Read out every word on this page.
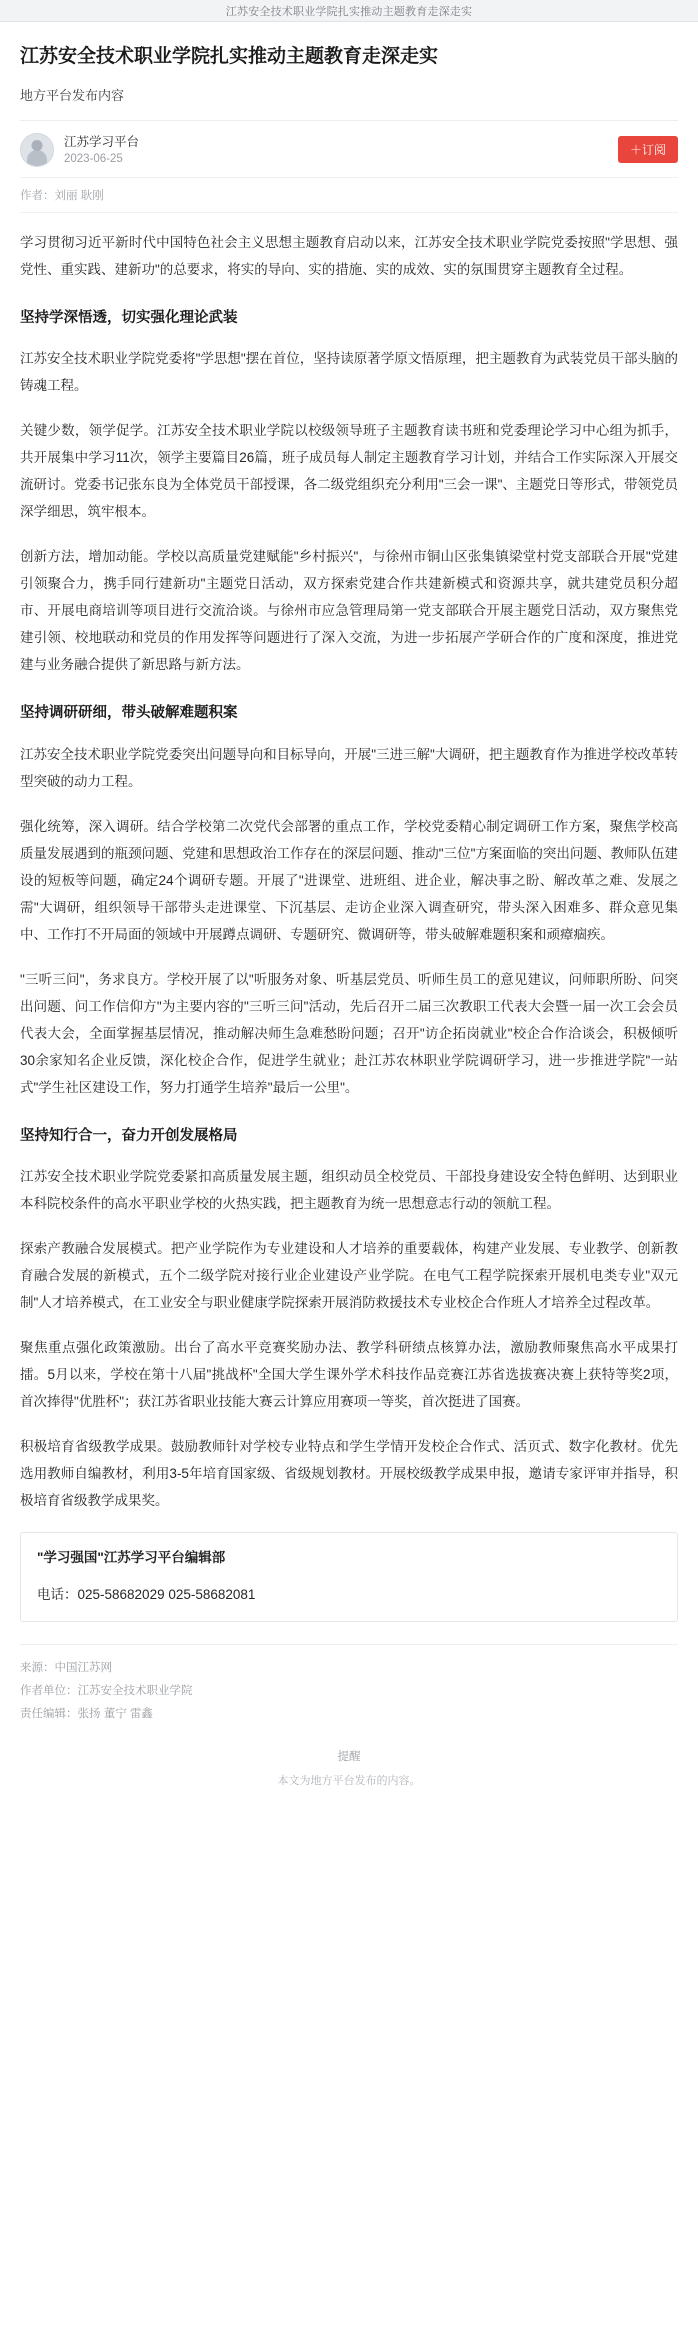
江苏安全技术职业学院扎实推动主题教育走深走实
江苏安全技术职业学院扎实推动主题教育走深走实
地方平台发布内容
江苏学习平台
2023-06-25
＋订阅
作者：刘丽 耿刚

学习贯彻习近平新时代中国特色社会主义思想主题教育启动以来，江苏安全技术职业学院党委按照"学思想、强党性、重实践、建新功"的总要求，将实的导向、实的措施、实的成效、实的氛围贯穿主题教育全过程。

坚持学深悟透，切实强化理论武装

江苏安全技术职业学院党委将"学思想"摆在首位，坚持读原著学原文悟原理，把主题教育为武装党员干部头脑的铸魂工程。

关键少数，领学促学。江苏安全技术职业学院以校级领导班子主题教育读书班和党委理论学习中心组为抓手，共开展集中学习11次，领学主要篇目26篇，班子成员每人制定主题教育学习计划，并结合工作实际深入开展交流研讨。党委书记张东良为全体党员干部授课，各二级党组织充分利用"三会一课"、主题党日等形式，带领党员深学细思，筑牢根本。

创新方法，增加动能。学校以高质量党建赋能"乡村振兴"，与徐州市铜山区张集镇梁堂村党支部联合开展"党建引领聚合力，携手同行建新功"主题党日活动，双方探索党建合作共建新模式和资源共享，就共建党员积分超市、开展电商培训等项目进行交流洽谈。与徐州市应急管理局第一党支部联合开展主题党日活动，双方聚焦党建引领、校地联动和党员的作用发挥等问题进行了深入交流，为进一步拓展产学研合作的广度和深度，推进党建与业务融合提供了新思路与新方法。

坚持调研研细，带头破解难题积案

江苏安全技术职业学院党委突出问题导向和目标导向，开展"三进三解"大调研，把主题教育作为推进学校改革转型突破的动力工程。

强化统筹，深入调研。结合学校第二次党代会部署的重点工作，学校党委精心制定调研工作方案，聚焦学校高质量发展遇到的瓶颈问题、党建和思想政治工作存在的深层问题、推动"三位"方案面临的突出问题、教师队伍建设的短板等问题，确定24个调研专题。开展了"进课堂、进班组、进企业，解决事之盼、解改革之难、发展之需"大调研，组织领导干部带头走进课堂、下沉基层、走访企业深入调查研究，带头深入困难多、群众意见集中、工作打不开局面的领域中开展蹲点调研、专题研究、微调研等，带头破解难题积案和顽瘴痼疾。

"三听三问"，务求良方。学校开展了以"听服务对象、听基层党员、听师生员工的意见建议，问师职所盼、问突出问题、问工作信仰方"为主要内容的"三听三问"活动，先后召开二届三次教职工代表大会暨一届一次工会会员代表大会，全面掌握基层情况，推动解决师生急难愁盼问题；召开"访企拓岗就业"校企合作洽谈会，积极倾听30余家知名企业反馈，深化校企合作，促进学生就业；赴江苏农林职业学院调研学习，进一步推进学院"一站式"学生社区建设工作，努力打通学生培养"最后一公里"。

坚持知行合一，奋力开创发展格局

江苏安全技术职业学院党委紧扣高质量发展主题，组织动员全校党员、干部投身建设安全特色鲜明、达到职业本科院校条件的高水平职业学校的火热实践，把主题教育为统一思想意志行动的领航工程。

探索产教融合发展模式。把产业学院作为专业建设和人才培养的重要载体，构建产业发展、专业教学、创新教育融合发展的新模式，五个二级学院对接行业企业建设产业学院。在电气工程学院探索开展机电类专业"双元制"人才培养模式，在工业安全与职业健康学院探索开展消防救援技术专业校企合作班人才培养全过程改革。

聚焦重点强化政策激励。出台了高水平竞赛奖励办法、教学科研绩点核算办法，激励教师聚焦高水平成果打擂。5月以来，学校在第十八届"挑战杯"全国大学生课外学术科技作品竞赛江苏省选拔赛决赛上获特等奖2项，首次捧得"优胜杯"；获江苏省职业技能大赛云计算应用赛项一等奖，首次挺进了国赛。

积极培育省级教学成果。鼓励教师针对学校专业特点和学生学情开发校企合作式、活页式、数字化教材。优先选用教师自编教材，利用3-5年培育国家级、省级规划教材。开展校级教学成果申报，邀请专家评审并指导，积极培育省级教学成果奖。

"学习强国"江苏学习平台编辑部
电话：025-58682029 025-58682081
来源：中国江苏网
作者单位：江苏安全技术职业学院
责任编辑：张扬 董宁 雷鑫
提醒
本文为地方平台发布的内容。
